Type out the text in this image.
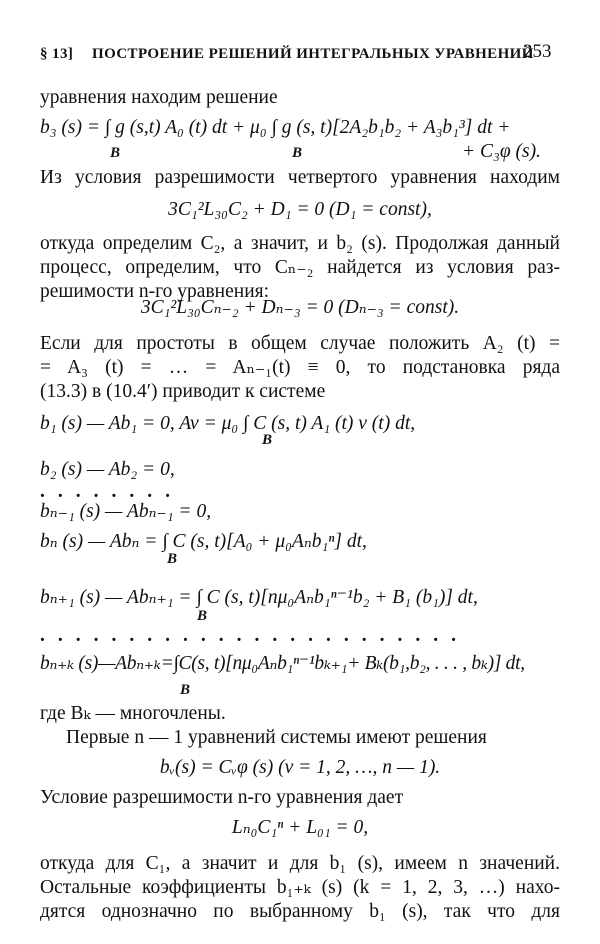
§ 13] ПОСТРОЕНИЕ РЕШЕНИЙ ИНТЕГРАЛЬНЫХ УРАВНЕНИЙ
253
уравнения находим решение
b₃ (s) = ∫ g (s,t) A₀ (t) dt + μ₀ ∫ g (s, t)[2A₂b₁b₂ + A₃b₁³] dt +
B	B	+ C₃φ (s).
Из условия разрешимости четвертого уравнения находим
3C₁²L₃₀C₂ + D₁ = 0 (D₁ = const),
откуда определим C₂, а значит, и b₂ (s). Продолжая данный
процесс, определим, что Cₙ₋₂ найдется из условия раз-
решимости n-го уравнения:
3C₁²L₃₀Cₙ₋₂ + Dₙ₋₃ = 0 (Dₙ₋₃ = const).
Если для простоты в общем случае положить A₂ (t) =
= A₃ (t) = … = Aₙ₋₁(t) ≡ 0, то подстановка ряда
(13.3) в (10.4′) приводит к системе
b₁ (s) — Ab₁ = 0, Av = μ₀ ∫ C (s, t) A₁ (t) v (t) dt,
B
b₂ (s) — Ab₂ = 0,
........
bₙ₋₁ (s) — Abₙ₋₁ = 0,
bₙ (s) — Abₙ = ∫ C (s, t)[A₀ + μ₀Aₙb₁ⁿ] dt,
B
bₙ₊₁ (s) — Abₙ₊₁ = ∫ C (s, t)[nμ₀Aₙb₁ⁿ⁻¹b₂ + B₁ (b₁)] dt,
B
........................
bₙ₊ₖ (s)—Abₙ₊ₖ=∫C(s, t)[nμ₀Aₙb₁ⁿ⁻¹bₖ₊₁+ Bₖ(b₁,b₂, . . . , bₖ)] dt,
B
где Bₖ — многочлены.
Первые n — 1 уравнений системы имеют решения
bᵥ(s) = Cᵥφ (s) (ν = 1, 2, …, n — 1).
Условие разрешимости n-го уравнения дает
Lₙ₀C₁ⁿ + L₀₁ = 0,
откуда для C₁, а значит и для b₁ (s), имеем n значений.
Остальные коэффициенты b₁₊ₖ (s) (k = 1, 2, 3, …) нахо-
дятся однозначно по выбранному b₁ (s), так что для
